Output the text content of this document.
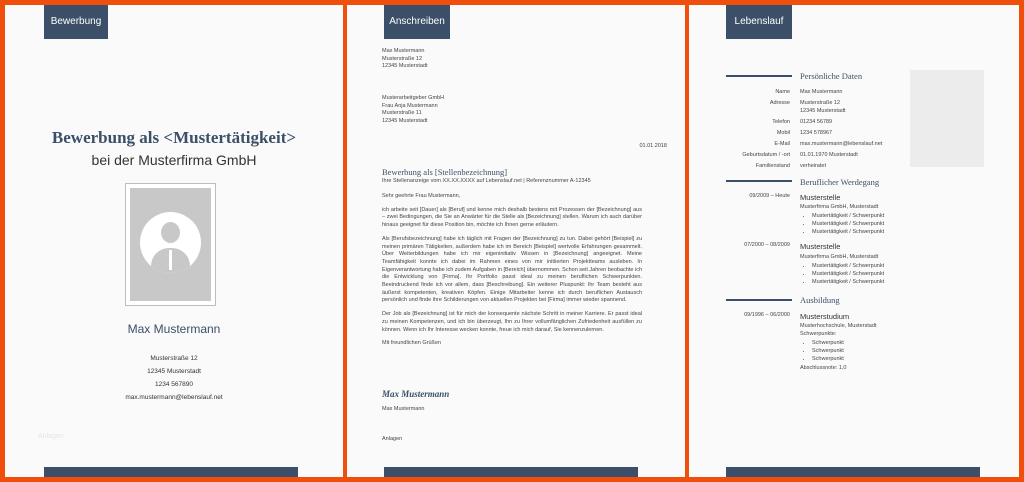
Bewerbung
Bewerbung als <Mustertätigkeit>
bei der Musterfirma GmbH
Max Mustermann
Musterstraße 12
12345 Musterstadt
1234 567890
max.mustermann@lebenslauf.net
Anlagen
Anschreiben
Max Mustermann
Musterstraße 12
12345 Musterstadt
Musterarbeitgeber GmbH
Frau Anja Mustermann
Musterstraße 11
12345 Musterstadt
01.01.2018
Bewerbung als [Stellenbezeichnung]
Ihre Stellenanzeige vom XX.XX.XXXX auf Lebenslauf.net | Referenznummer A-12345

Sehr geehrte Frau Mustermann,

ich arbeite seit [Dauer] als [Beruf] und kenne mich deshalb bestens mit Prozessen der [Bezeichnung] aus – zwei Bedingungen, die Sie an Anwärter für die Stelle als [Bezeichnung] stellen. Warum ich auch darüber hinaus geeignet für diese Position bin, möchte ich Ihnen gerne erläutern.

Als [Berufsbezeichnung] habe ich täglich mit Fragen der [Bezeichnung] zu tun. Dabei gehört [Beispiel] zu meinen primären Tätigkeiten, außerdem habe ich im Bereich [Beispiel] wertvolle Erfahrungen gesammelt. Über Weiterbildungen habe ich mir eigeninitiativ Wissen in [Bezeichnung] angeeignet. Meine Teamfähigkeit konnte ich dabei im Rahmen eines von mir initiierten Projektteams ausleben. In Eigenverantwortung habe ich zudem Aufgaben in [Bereich] übernommen. Schon seit Jahren beobachte ich die Entwicklung von [Firma]. Ihr Portfolio passt ideal zu meinen beruflichen Schwerpunkten. Beeindruckend finde ich vor allem, dass [Beschreibung]. Ein weiterer Pluspunkt: Ihr Team besteht aus äußerst kompetenten, kreativen Köpfen. Einige Mitarbeiter kenne ich durch beruflichen Austausch persönlich und finde ihre Schilderungen von aktuellen Projekten bei [Firma] immer wieder spannend.

Der Job als [Bezeichnung] ist für mich der konsequente nächste Schritt in meiner Karriere. Er passt ideal zu meinen Kompetenzen, und ich bin überzeugt, Ihn zu Ihrer vollumfänglichen Zufriedenheit ausfüllen zu können. Wenn ich Ihr Interesse wecken konnte, freue ich mich darauf, Sie kennenzulernen.

Mit freundlichen Grüßen

Max Mustermann
Max Mustermann
Anlagen
Lebenslauf
Persönliche Daten
Name Max Mustermann
Adresse Musterstraße 12
12345 Musterstadt
Telefon 01234 56789
Mobil 1234 578967
E-Mail max.mustermann@lebenslauf.net
Geburtsdatum / -ort 01.01.1970 Musterstadt
Familienstand verheiratet
Beruflicher Werdegang
09/2009 – Heute Musterstelle
Musterfirma GmbH, Musterstadt
• Mustertätigkeit / Schwerpunkt
• Mustertätigkeit / Schwerpunkt
• Mustertätigkeit / Schwerpunkt
07/2000 – 08/2009 Musterstelle
Musterfirma GmbH, Musterstadt
• Mustertätigkeit / Schwerpunkt
• Mustertätigkeit / Schwerpunkt
• Mustertätigkeit / Schwerpunkt
Ausbildung
09/1996 – 06/2000 Musterstudium
Musterhochschule, Musterstadt
Schwerpunkte:
• Schwerpunkt
• Schwerpunkt
• Schwerpunkt
Abschlussnote: 1,0
